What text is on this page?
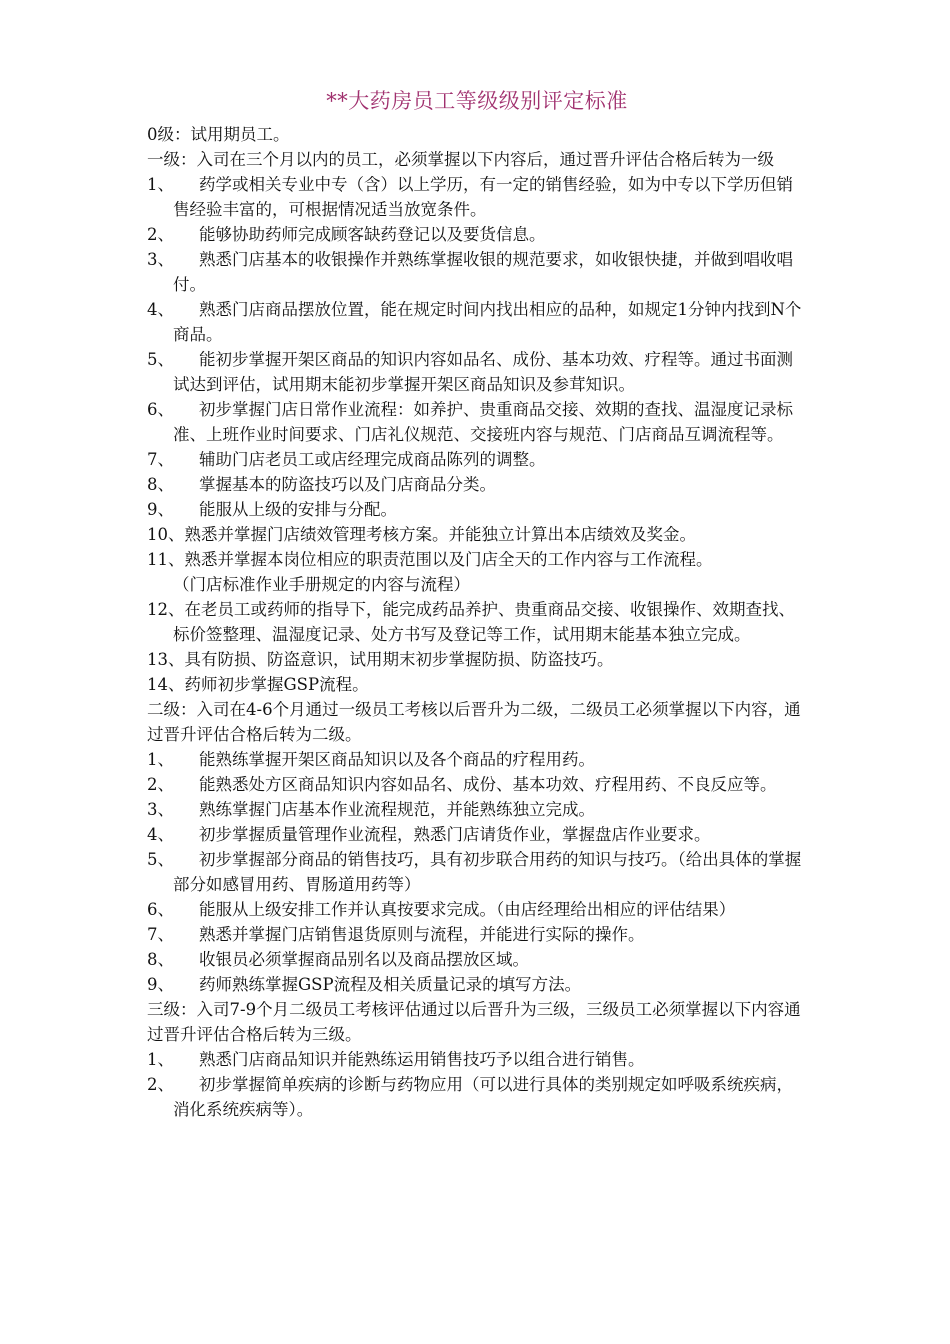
**大药房员工等级级别评定标准

0级：试用期员工。

一级：入司在三个月以内的员工，必须掌握以下内容后，通过晋升评估合格后转为一级

1、 药学或相关专业中专（含）以上学历，有一定的销售经验，如为中专以下学历但销售经验丰富的，可根据情况适当放宽条件。

2、 能够协助药师完成顾客缺药登记以及要货信息。

3、 熟悉门店基本的收银操作并熟练掌握收银的规范要求，如收银快捷，并做到唱收唱付。

4、 熟悉门店商品摆放位置，能在规定时间内找出相应的品种，如规定1分钟内找到N个商品。

5、 能初步掌握开架区商品的知识内容如品名、成份、基本功效、疗程等。通过书面测试达到评估，试用期末能初步掌握开架区商品知识及参茸知识。

6、 初步掌握门店日常作业流程：如养护、贵重商品交接、效期的查找、温湿度记录标准、上班作业时间要求、门店礼仪规范、交接班内容与规范、门店商品互调流程等。

7、 辅助门店老员工或店经理完成商品陈列的调整。

8、 掌握基本的防盗技巧以及门店商品分类。

9、 能服从上级的安排与分配。

10、熟悉并掌握门店绩效管理考核方案。并能独立计算出本店绩效及奖金。

11、熟悉并掌握本岗位相应的职责范围以及门店全天的工作内容与工作流程。

（门店标准作业手册规定的内容与流程）

12、在老员工或药师的指导下，能完成药品养护、贵重商品交接、收银操作、效期查找、标价签整理、温湿度记录、处方书写及登记等工作，试用期末能基本独立完成。

13、具有防损、防盗意识，试用期末初步掌握防损、防盗技巧。

14、药师初步掌握GSP流程。

二级：入司在4-6个月通过一级员工考核以后晋升为二级，二级员工必须掌握以下内容，通过晋升评估合格后转为二级。

1、 能熟练掌握开架区商品知识以及各个商品的疗程用药。

2、 能熟悉处方区商品知识内容如品名、成份、基本功效、疗程用药、不良反应等。

3、 熟练掌握门店基本作业流程规范，并能熟练独立完成。

4、 初步掌握质量管理作业流程，熟悉门店请货作业，掌握盘店作业要求。

5、 初步掌握部分商品的销售技巧，具有初步联合用药的知识与技巧。（给出具体的掌握部分如感冒用药、胃肠道用药等）

6、 能服从上级安排工作并认真按要求完成。（由店经理给出相应的评估结果）

7、 熟悉并掌握门店销售退货原则与流程，并能进行实际的操作。

8、 收银员必须掌握商品别名以及商品摆放区域。

9、 药师熟练掌握GSP流程及相关质量记录的填写方法。

三级：入司7-9个月二级员工考核评估通过以后晋升为三级，三级员工必须掌握以下内容通过晋升评估合格后转为三级。

1、 熟悉门店商品知识并能熟练运用销售技巧予以组合进行销售。

2、 初步掌握简单疾病的诊断与药物应用（可以进行具体的类别规定如呼吸系统疾病，消化系统疾病等）。
